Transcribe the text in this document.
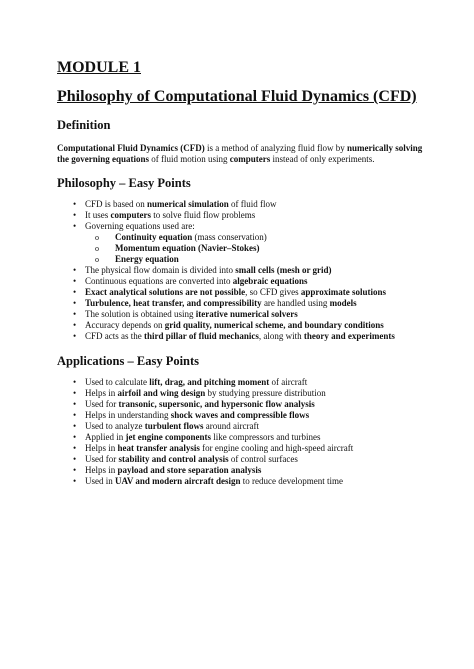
MODULE 1
Philosophy of Computational Fluid Dynamics (CFD)
Definition

Computational Fluid Dynamics (CFD) is a method of analyzing fluid flow by numerically solving the governing equations of fluid motion using computers instead of only experiments.

Philosophy – Easy Points
• CFD is based on numerical simulation of fluid flow
• It uses computers to solve fluid flow problems
• Governing equations used are:
o Continuity equation (mass conservation)
o Momentum equation (Navier–Stokes)
o Energy equation
• The physical flow domain is divided into small cells (mesh or grid)
• Continuous equations are converted into algebraic equations
• Exact analytical solutions are not possible, so CFD gives approximate solutions
• Turbulence, heat transfer, and compressibility are handled using models
• The solution is obtained using iterative numerical solvers
• Accuracy depends on grid quality, numerical scheme, and boundary conditions
• CFD acts as the third pillar of fluid mechanics, along with theory and experiments
Applications – Easy Points
• Used to calculate lift, drag, and pitching moment of aircraft
• Helps in airfoil and wing design by studying pressure distribution
• Used for transonic, supersonic, and hypersonic flow analysis
• Helps in understanding shock waves and compressible flows
• Used to analyze turbulent flows around aircraft
• Applied in jet engine components like compressors and turbines
• Helps in heat transfer analysis for engine cooling and high-speed aircraft
• Used for stability and control analysis of control surfaces
• Helps in payload and store separation analysis
• Used in UAV and modern aircraft design to reduce development time
